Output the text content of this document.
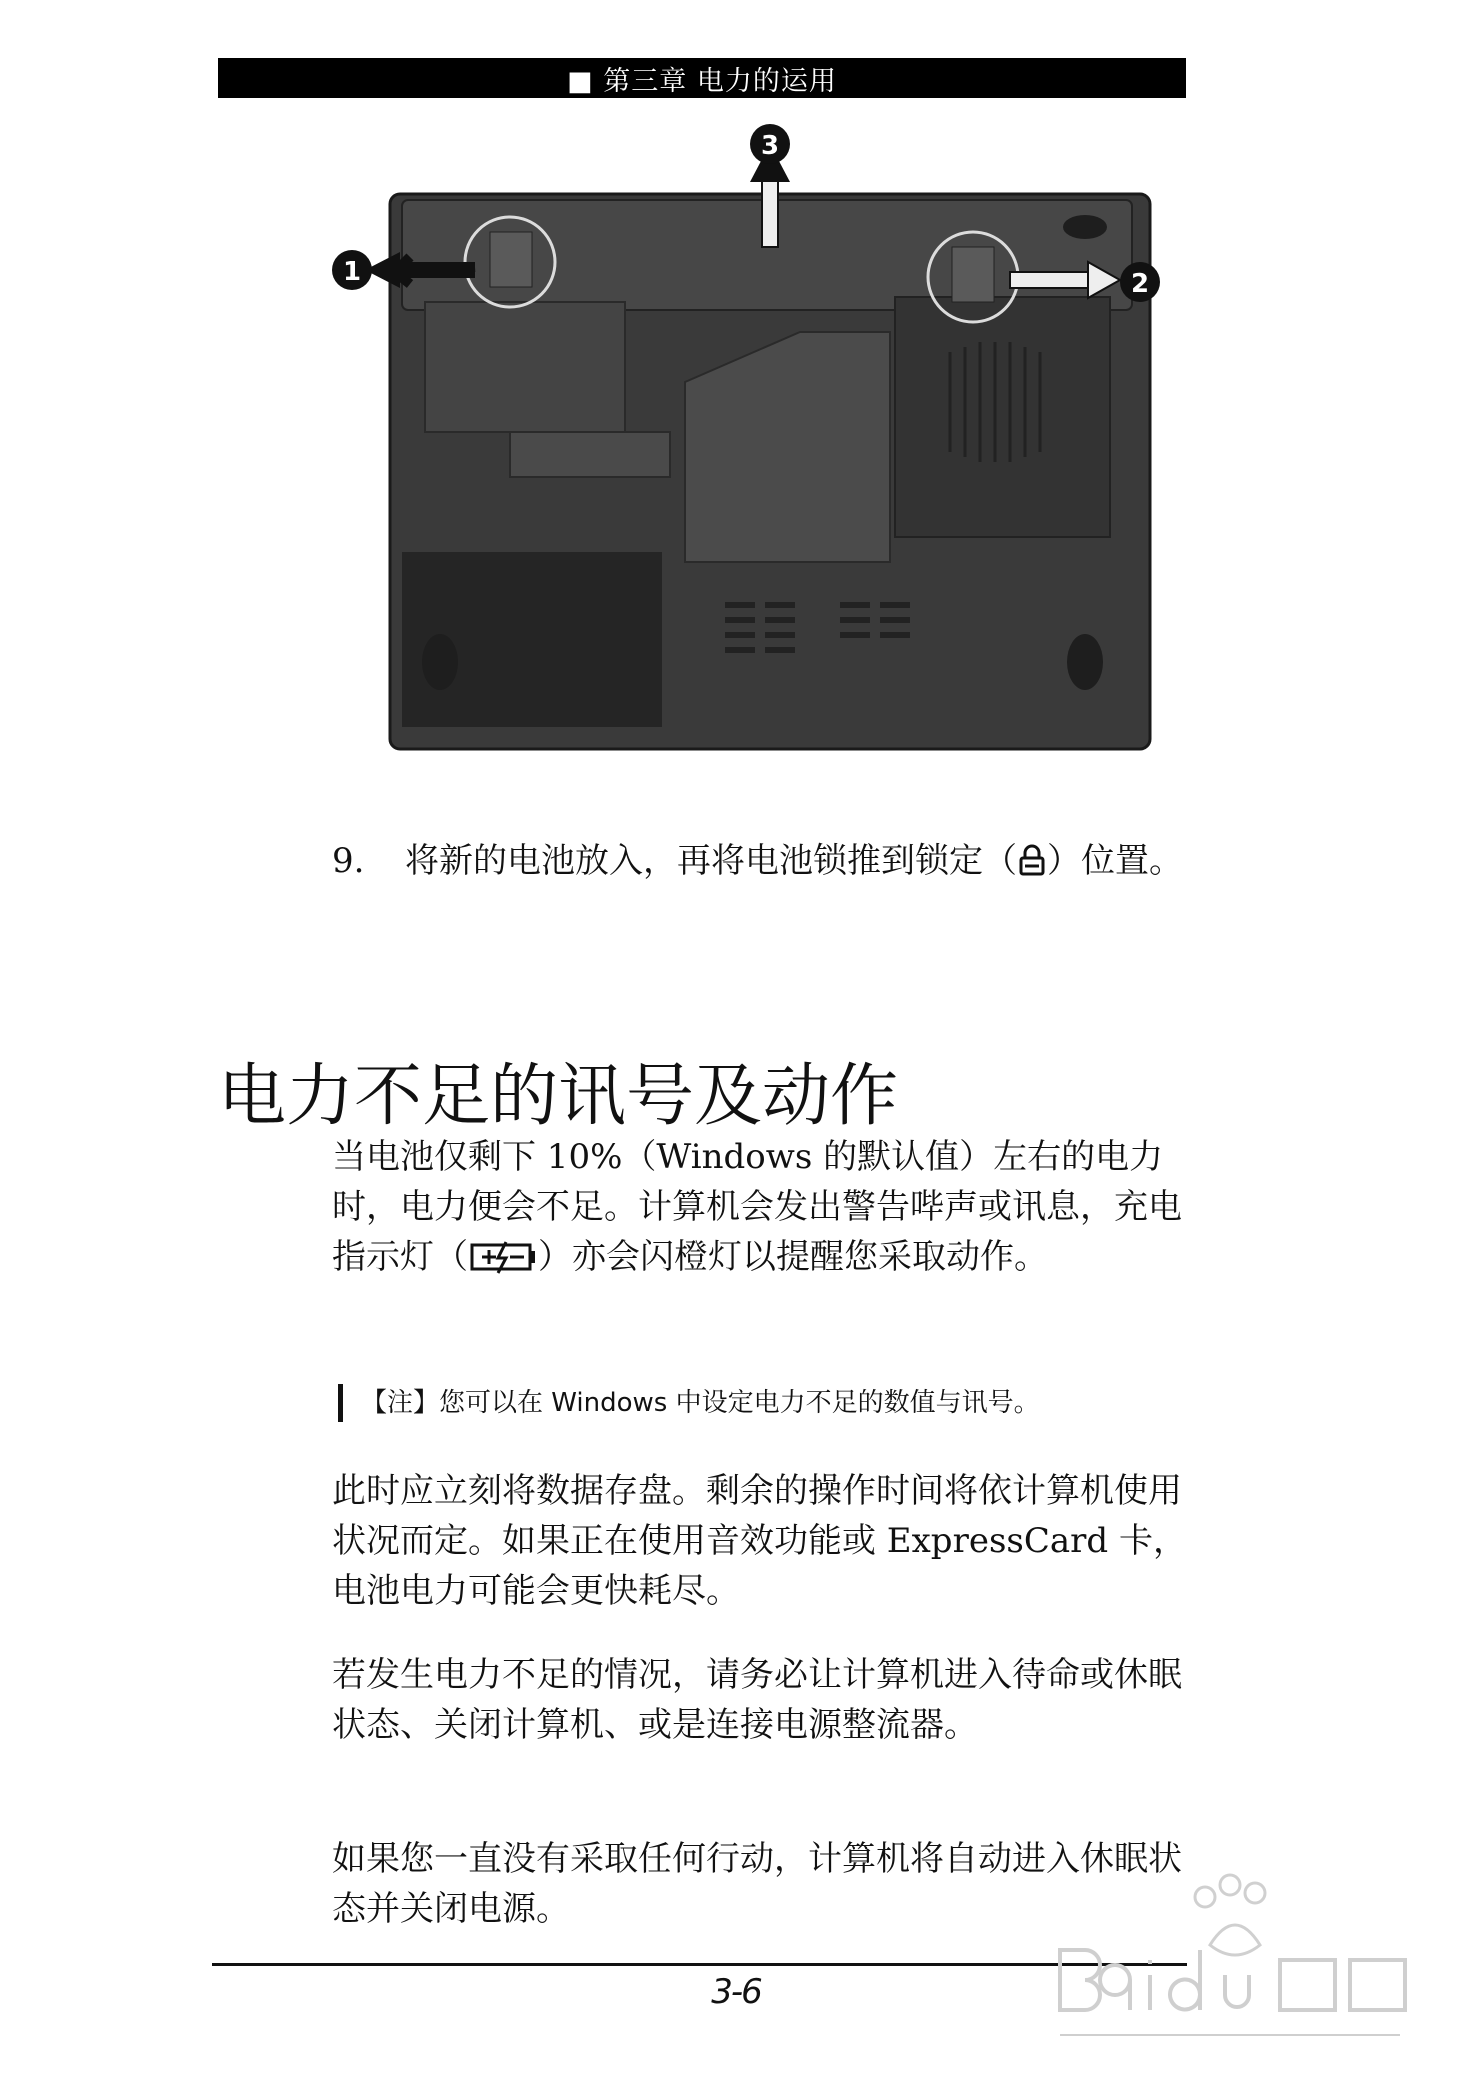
■ 第三章 电力的运用
1	2
3
9. 将新的电池放入，再将电池锁推到锁定（ ）位置。
电力不足的讯号及动作
当电池仅剩下 10%（Windows 的默认值）左右的电力时，电力便会不足。计算机会发出警告哔声或讯息，充电指示灯（ ）亦会闪橙灯以提醒您采取动作。
【注】您可以在 Windows 中设定电力不足的数值与讯号。
此时应立刻将数据存盘。剩余的操作时间将依计算机使用状况而定。如果正在使用音效功能或 ExpressCard 卡，电池电力可能会更快耗尽。
若发生电力不足的情况，请务必让计算机进入待命或休眠状态、关闭计算机、或是连接电源整流器。
如果您一直没有采取任何行动，计算机将自动进入休眠状态并关闭电源。
3-6
